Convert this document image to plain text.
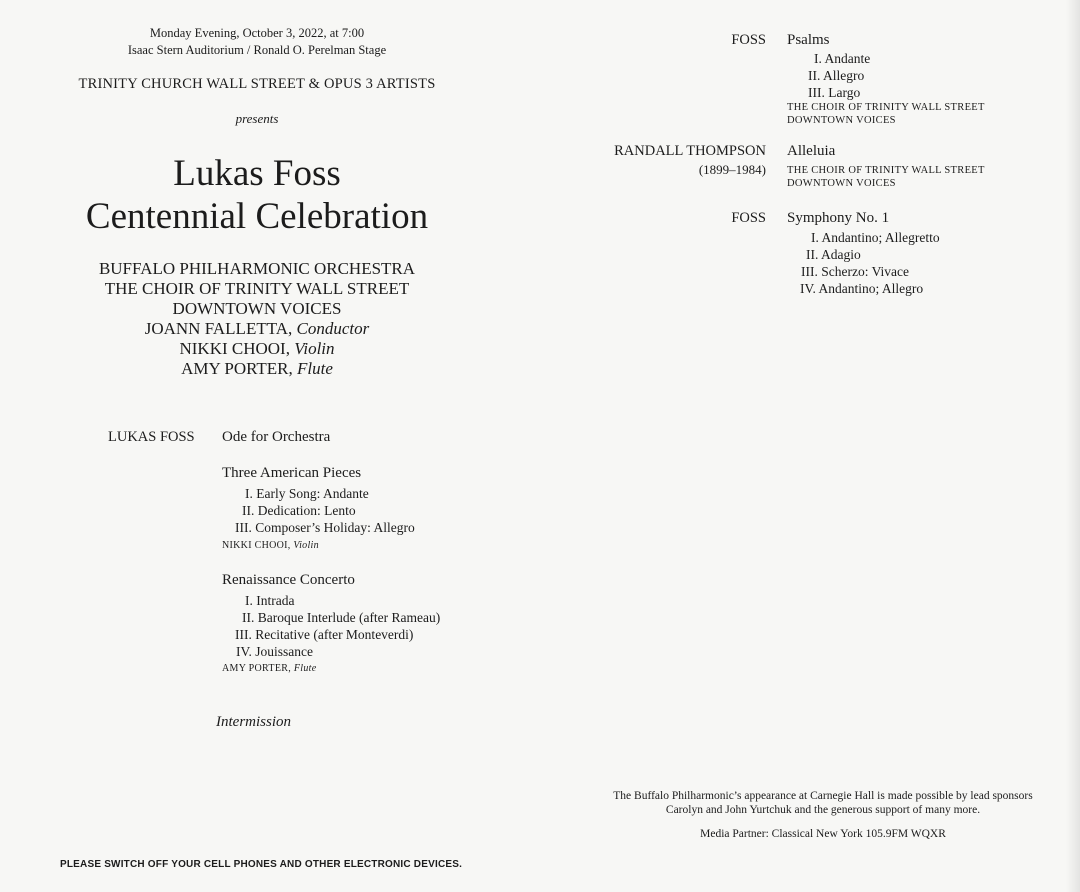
Monday Evening, October 3, 2022, at 7:00
Isaac Stern Auditorium / Ronald O. Perelman Stage
TRINITY CHURCH WALL STREET & OPUS 3 ARTISTS
presents
Lukas Foss
Centennial Celebration
BUFFALO PHILHARMONIC ORCHESTRA
THE CHOIR OF TRINITY WALL STREET
DOWNTOWN VOICES
JOANN FALLETTA, Conductor
NIKKI CHOOI, Violin
AMY PORTER, Flute
LUKAS FOSS Ode for Orchestra
Three American Pieces
I. Early Song: Andante
II. Dedication: Lento
III. Composer’s Holiday: Allegro
NIKKI CHOOI, Violin
Renaissance Concerto
I. Intrada
II. Baroque Interlude (after Rameau)
III. Recitative (after Monteverdi)
IV. Jouissance
AMY PORTER, Flute
Intermission
PLEASE SWITCH OFF YOUR CELL PHONES AND OTHER ELECTRONIC DEVICES.
FOSS Psalms
I. Andante
II. Allegro
III. Largo
THE CHOIR OF TRINITY WALL STREET
DOWNTOWN VOICES
RANDALL THOMPSON
(1899–1984)
Alleluia
THE CHOIR OF TRINITY WALL STREET
DOWNTOWN VOICES
FOSS Symphony No. 1
I. Andantino; Allegretto
II. Adagio
III. Scherzo: Vivace
IV. Andantino; Allegro
The Buffalo Philharmonic’s appearance at Carnegie Hall is made possible by lead sponsors
Carolyn and John Yurtchuk and the generous support of many more.
Media Partner: Classical New York 105.9FM WQXR
